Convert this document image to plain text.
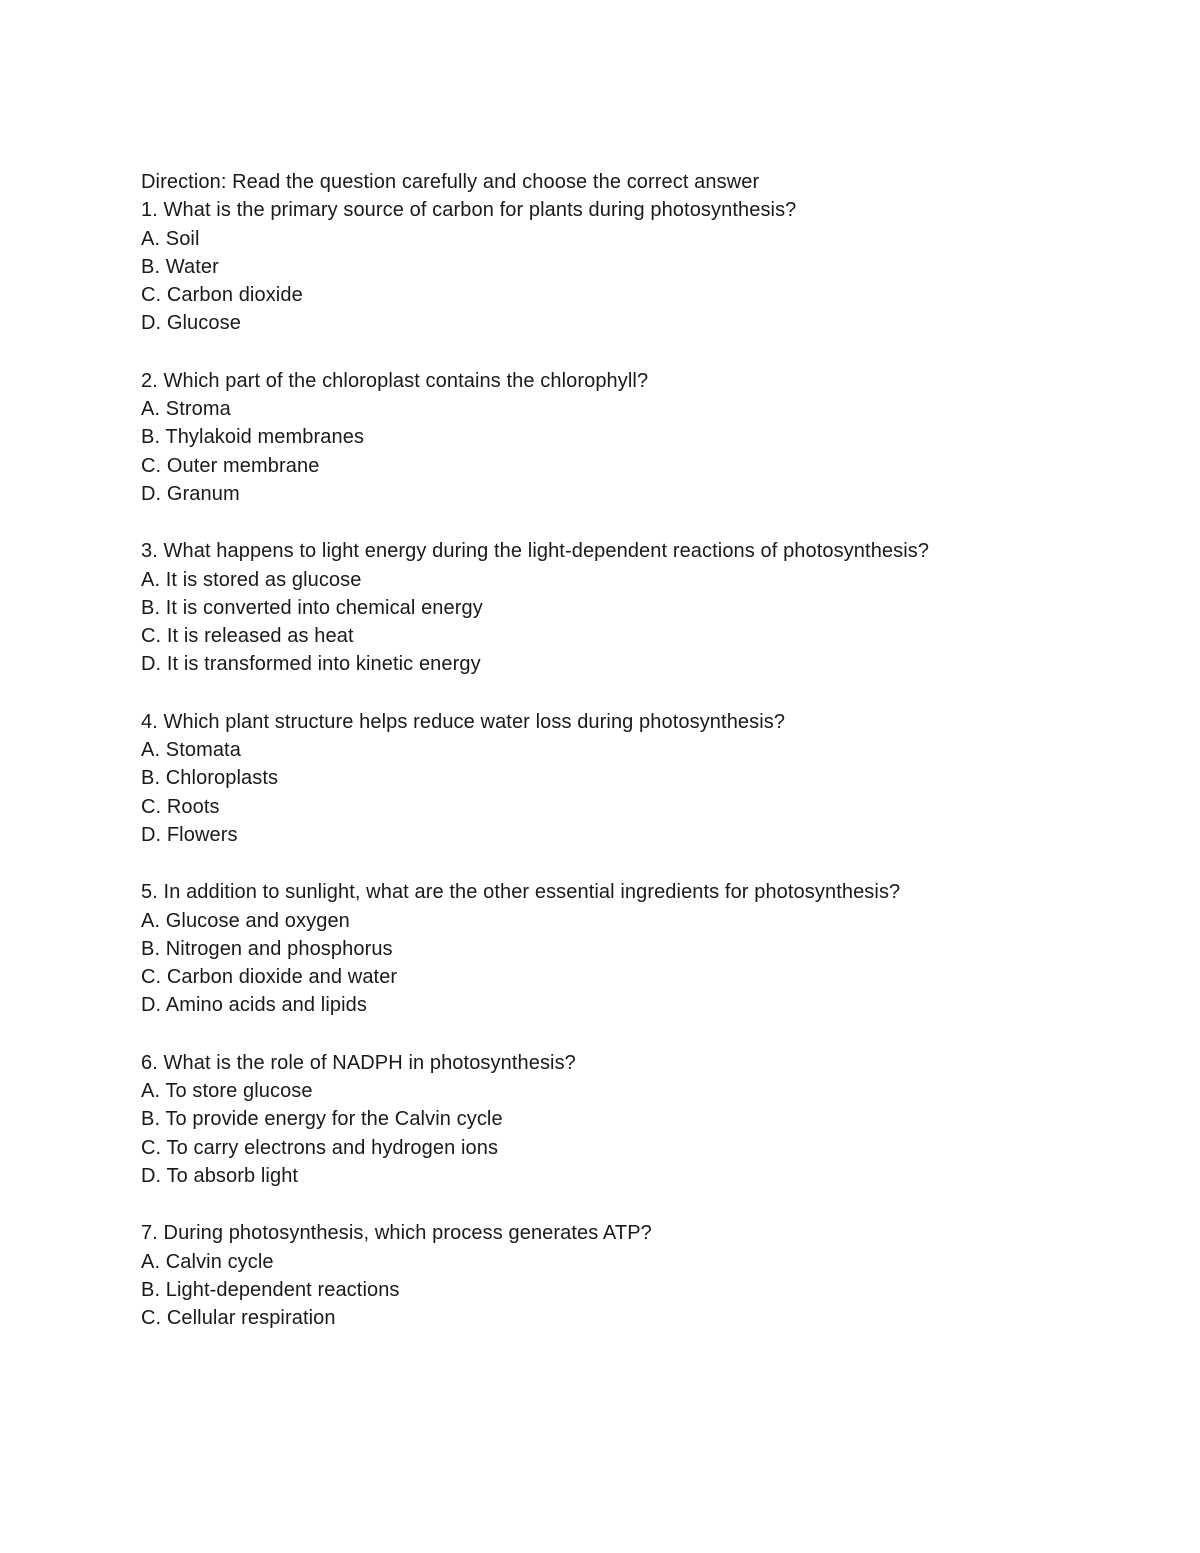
Direction: Read the question carefully and choose the correct answer

1. What is the primary source of carbon for plants during photosynthesis?
A. Soil
B. Water
C. Carbon dioxide
D. Glucose
2. Which part of the chloroplast contains the chlorophyll?
A. Stroma
B. Thylakoid membranes
C. Outer membrane
D. Granum
3. What happens to light energy during the light-dependent reactions of photosynthesis?
A. It is stored as glucose
B. It is converted into chemical energy
C. It is released as heat
D. It is transformed into kinetic energy
4. Which plant structure helps reduce water loss during photosynthesis?
A. Stomata
B. Chloroplasts
C. Roots
D. Flowers
5. In addition to sunlight, what are the other essential ingredients for photosynthesis?
A. Glucose and oxygen
B. Nitrogen and phosphorus
C. Carbon dioxide and water
D. Amino acids and lipids
6. What is the role of NADPH in photosynthesis?
A. To store glucose
B. To provide energy for the Calvin cycle
C. To carry electrons and hydrogen ions
D. To absorb light
7. During photosynthesis, which process generates ATP?
A. Calvin cycle
B. Light-dependent reactions
C. Cellular respiration
